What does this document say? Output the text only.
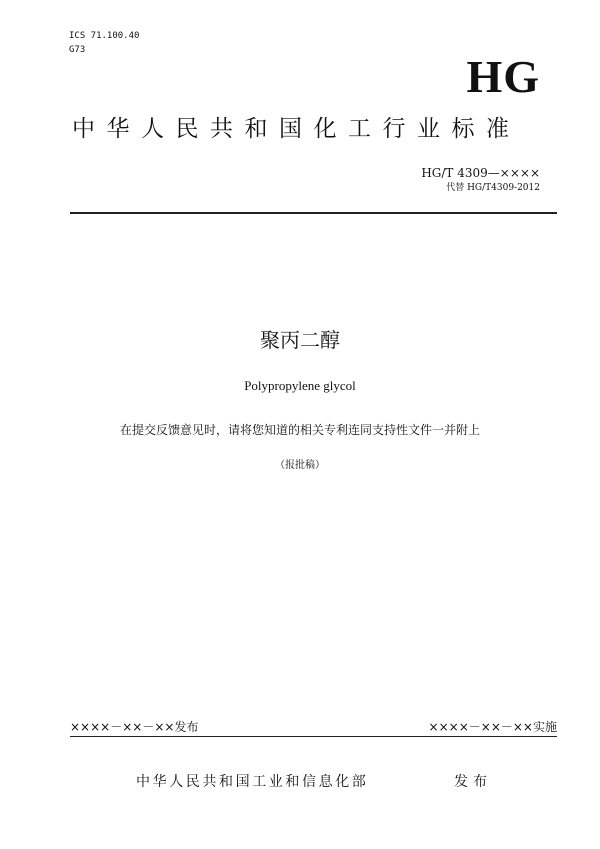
ICS 71.100.40
G73
HG
中华人民共和国化工行业标准
HG/T 4309—××××
代替 HG/T4309-2012
聚丙二醇
Polypropylene glycol
在提交反馈意见时，请将您知道的相关专利连同支持性文件一并附上
（报批稿）
××××－××－××发布	××××－××－××实施
中华人民共和国工业和信息化部	发布
